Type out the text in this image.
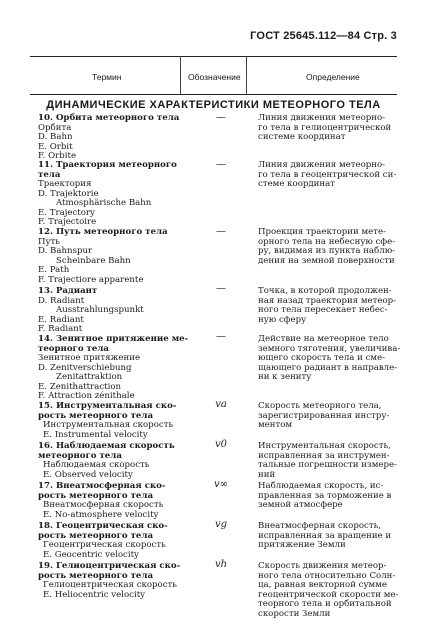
ГОСТ 25645.112—84 Стр. 3
Термин	Обозначение	Определение
ДИНАМИЧЕСКИЕ ХАРАКТЕРИСТИКИ МЕТЕОРНОГО ТЕЛА
10. Орбита метеорного тела
Орбита
D. Bahn
E. Orbit
F. Orbite
—	Линия движения метеорно-
го тела в гелиоцентрической
системе координат
11. Траектория метеорного
тела
Траектория
D. Trajektorie
Atmosphärische Bahn
E. Trajectory
F. Trajectoire
—	Линия движения метеорно-
го тела в геоцентрической си-
стеме координат
12. Путь метеорного тела
Путь
D. Bahnspur
Scheinbare Bahn
E. Path
F. Trajectiore apparente
—	Проекция траектории мете-
орного тела на небесную сфе-
ру, видимая из пункта наблю-
дения на земной поверхности
13. Радиант
D. Radiant
Ausstrahlungspunkt
E. Radiant
F. Radiant
—	Точка, в которой продолжен-
ная назад траектория метеор-
ного тела пересекает небес-
ную сферу
14. Зенитное притяжение ме-
теорного тела
Зенитное притяжение
D. Zenitverschiebung
Zenitattraktion
E. Zenithattraction
F. Attraction zénithale
—	Действие на метеорное тело
земного тяготения, увеличива-
ющего скорость тела и сме-
щающего радиант в направле-
ни к зениту
15. Инструментальная ско-
рость метеорного тела
Инструментальная скорость
E. Instrumental velocity
va	Скорость метеорного тела,
зарегистрированная инстру-
ментом
16. Наблюдаемая скорость
метеорного тела
Наблюдаемая скорость
E. Observed velocity
v0	Инструментальная скорость,
исправленная за инструмен-
тальные погрешности измере-
ний
17. Внеатмосферная ско-
рость метеорного тела
Внеатмосферная скорость
E. No-atmosphere velocity
v∞	Наблюдаемая скорость, ис-
правленная за торможение в
земной атмосфере
18. Геоцентрическая ско-
рость метеорного тела
Геоцентрическая скорость
E. Geocentric velocity
vg	Внеатмосферная скорость,
исправленная за вращение и
притяжение Земли
19. Гелиоцентрическая ско-
рость метеорного тела
Гелиоцентрическая скорость
E. Heliocentric velocity
vh	Скорость движения метеор-
ного тела относительно Солн-
ца, равная векторной сумме
геоцентрической скорости ме-
теорного тела и орбитальной
скорости Земли
